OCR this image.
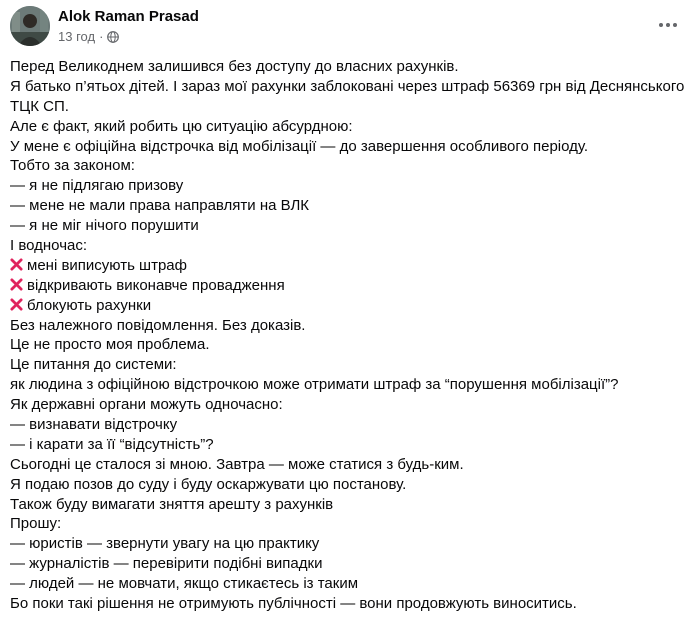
Alok Raman Prasad
13 год ·
Перед Великоднем залишився без доступу до власних рахунків.
Я батько п’ятьох дітей. І зараз мої рахунки заблоковані через штраф 56369 грн від Деснянського
ТЦК СП.
Але є факт, який робить цю ситуацію абсурдною:
У мене є офіційна відстрочка від мобілізації — до завершення особливого періоду.
Тобто за законом:
— я не підлягаю призову
— мене не мали права направляти на ВЛК
— я не міг нічого порушити
І водночас:
мені виписують штраф
відкривають виконавче провадження
блокують рахунки
Без належного повідомлення. Без доказів.
Це не просто моя проблема.
Це питання до системи:
як людина з офіційною відстрочкою може отримати штраф за “порушення мобілізації”?
Як державні органи можуть одночасно:
— визнавати відстрочку
— і карати за її “відсутність”?
Сьогодні це сталося зі мною. Завтра — може статися з будь-ким.
Я подаю позов до суду і буду оскаржувати цю постанову.
Також буду вимагати зняття арешту з рахунків
Прошу:
— юристів — звернути увагу на цю практику
— журналістів — перевірити подібні випадки
— людей — не мовчати, якщо стикаєтесь із таким
Бо поки такі рішення не отримують публічності — вони продовжують виноситись.
